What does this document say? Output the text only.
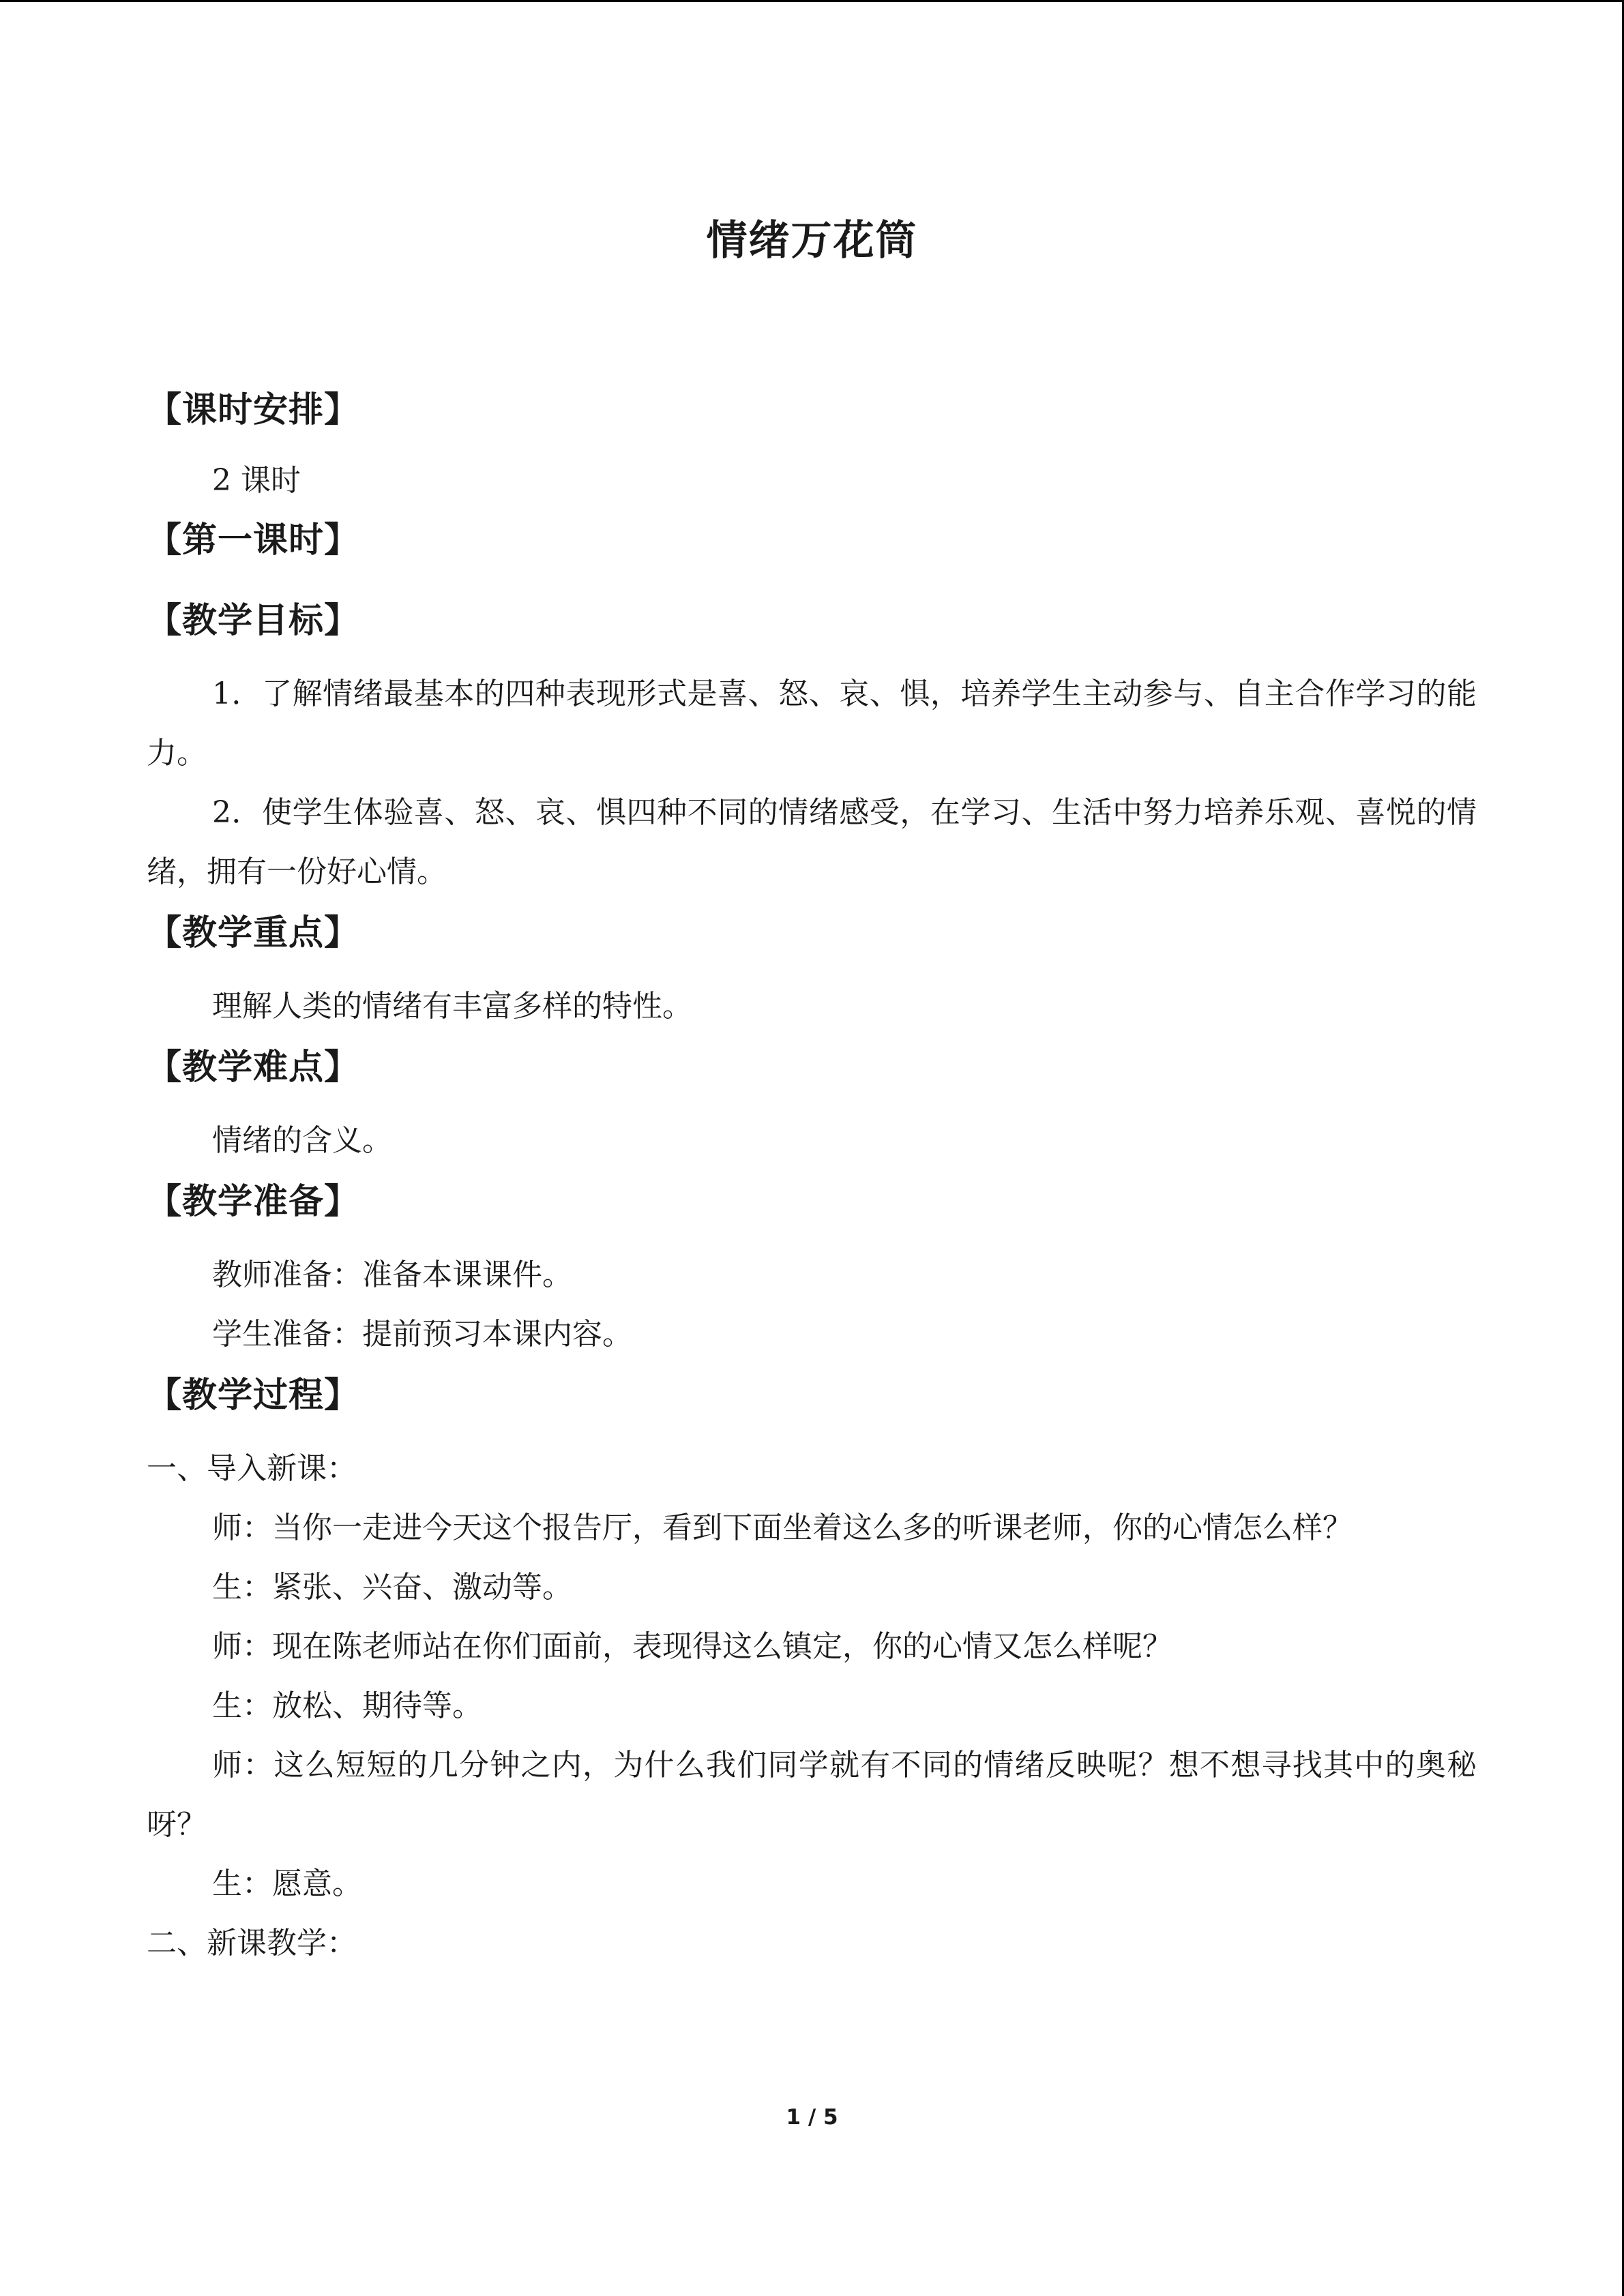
情绪万花筒
【课时安排】

2 课时

【第一课时】
【教学目标】

1．了解情绪最基本的四种表现形式是喜、怒、哀、惧，培养学生主动参与、自主合作学习的能力。

2．使学生体验喜、怒、哀、惧四种不同的情绪感受，在学习、生活中努力培养乐观、喜悦的情绪，拥有一份好心情。

【教学重点】

理解人类的情绪有丰富多样的特性。

【教学难点】

情绪的含义。

【教学准备】

教师准备：准备本课课件。

学生准备：提前预习本课内容。

【教学过程】

一、导入新课：

师：当你一走进今天这个报告厅，看到下面坐着这么多的听课老师，你的心情怎么样？

生：紧张、兴奋、激动等。

师：现在陈老师站在你们面前，表现得这么镇定，你的心情又怎么样呢？

生：放松、期待等。

师：这么短短的几分钟之内，为什么我们同学就有不同的情绪反映呢？想不想寻找其中的奥秘呀？

生：愿意。

二、新课教学：

1 / 5
